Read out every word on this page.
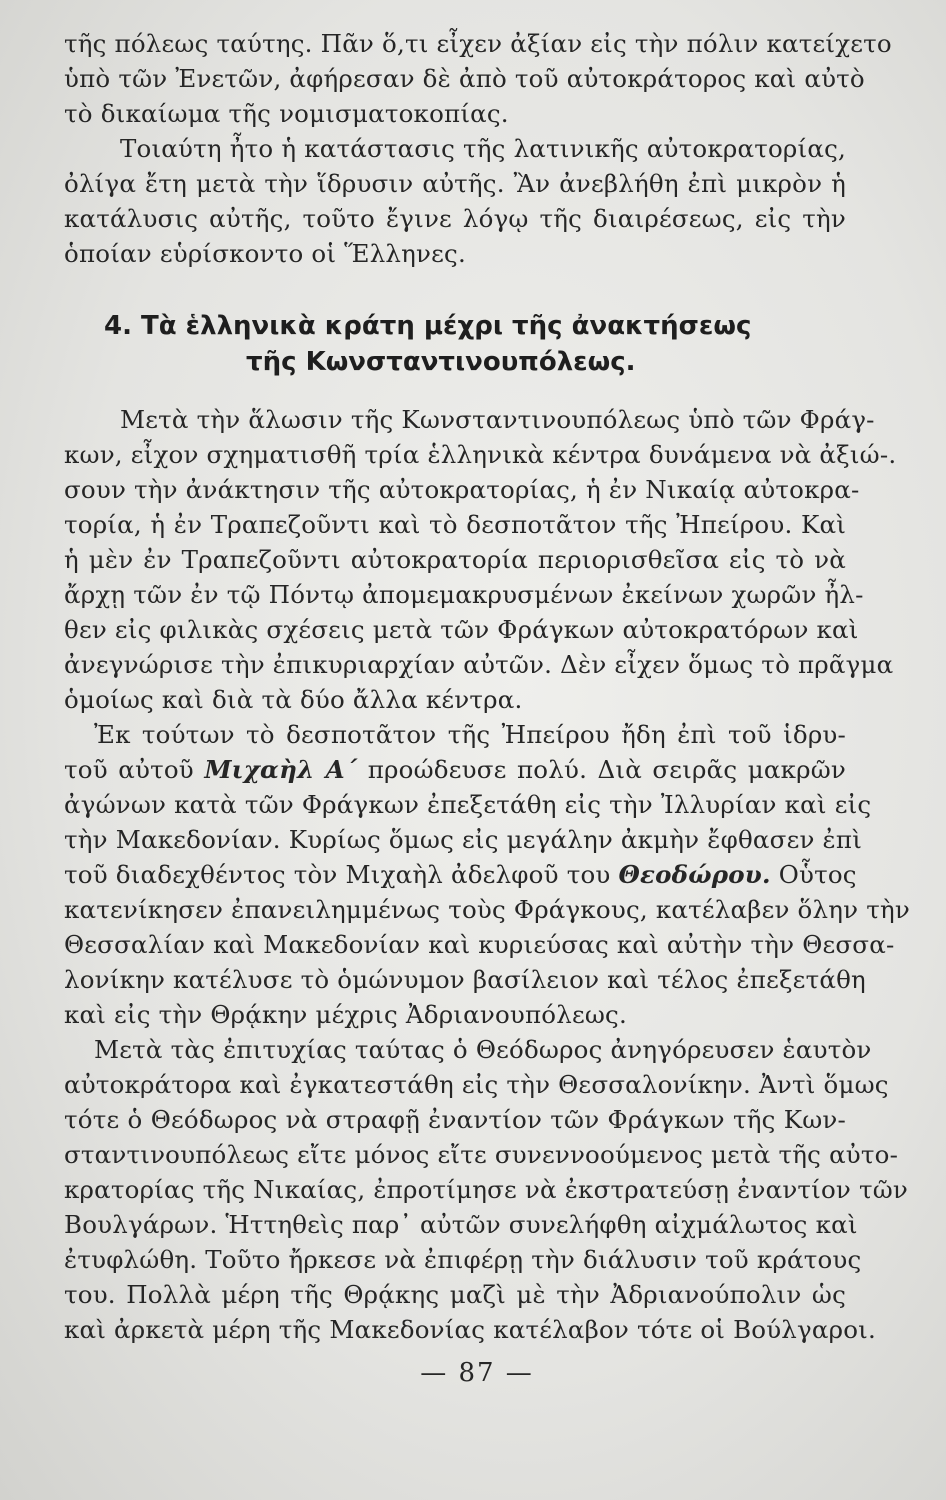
τῆς πόλεως ταύτης. Πᾶν ὅ,τι εἶχεν ἀξίαν εἰς τὴν πόλιν κατείχετο
ὑπὸ τῶν Ἐνετῶν, ἀφήρεσαν δὲ ἀπὸ τοῦ αὐτοκράτορος καὶ αὐτὸ
τὸ δικαίωμα τῆς νομισματοκοπίας.
Τοιαύτη ἦτο ἡ κατάστασις τῆς λατινικῆς αὐτοκρατορίας,
ὀλίγα ἔτη μετὰ τὴν ἵδρυσιν αὐτῆς. Ἂν ἀνεβλήθη ἐπὶ μικρὸν ἡ
κατάλυσις αὐτῆς, τοῦτο ἔγινε λόγῳ τῆς διαιρέσεως, εἰς τὴν
ὁποίαν εὑρίσκοντο οἱ Ἕλληνες.
4. Τὰ ἑλληνικὰ κράτη μέχρι τῆς ἀνακτήσεως
τῆς Κωνσταντινουπόλεως.
Μετὰ τὴν ἅλωσιν τῆς Κωνσταντινουπόλεως ὑπὸ τῶν Φράγ-
κων, εἶχον σχηματισθῆ τρία ἑλληνικὰ κέντρα δυνάμενα νὰ ἀξιώ-.
σουν τὴν ἀνάκτησιν τῆς αὐτοκρατορίας, ἡ ἐν Νικαίᾳ αὐτοκρα-
τορία, ἡ ἐν Τραπεζοῦντι καὶ τὸ δεσποτᾶτον τῆς Ἠπείρου. Καὶ
ἡ μὲν ἐν Τραπεζοῦντι αὐτοκρατορία περιορισθεῖσα εἰς τὸ νὰ
ἄρχῃ τῶν ἐν τῷ Πόντῳ ἀπομεμακρυσμένων ἐκείνων χωρῶν ἦλ-
θεν εἰς φιλικὰς σχέσεις μετὰ τῶν Φράγκων αὐτοκρατόρων καὶ
ἀνεγνώρισε τὴν ἐπικυριαρχίαν αὐτῶν. Δὲν εἶχεν ὅμως τὸ πρᾶγμα
ὁμοίως καὶ διὰ τὰ δύο ἄλλα κέντρα.
Ἐκ τούτων τὸ δεσποτᾶτον τῆς Ἠπείρου ἤδη ἐπὶ τοῦ ἱδρυ-
τοῦ αὐτοῦ Μιχαὴλ Α΄ προώδευσε πολύ. Διὰ σειρᾶς μακρῶν
ἀγώνων κατὰ τῶν Φράγκων ἐπεξετάθη εἰς τὴν Ἰλλυρίαν καὶ εἰς
τὴν Μακεδονίαν. Κυρίως ὅμως εἰς μεγάλην ἀκμὴν ἔφθασεν ἐπὶ
τοῦ διαδεχθέντος τὸν Μιχαὴλ ἀδελφοῦ του Θεοδώρου. Οὗτος
κατενίκησεν ἐπανειλημμένως τοὺς Φράγκους, κατέλαβεν ὅλην τὴν
Θεσσαλίαν καὶ Μακεδονίαν καὶ κυριεύσας καὶ αὐτὴν τὴν Θεσσα-
λονίκην κατέλυσε τὸ ὁμώνυμον βασίλειον καὶ τέλος ἐπεξετάθη
καὶ εἰς τὴν Θρᾴκην μέχρις Ἀδριανουπόλεως.
Μετὰ τὰς ἐπιτυχίας ταύτας ὁ Θεόδωρος ἀνηγόρευσεν ἑαυτὸν
αὐτοκράτορα καὶ ἐγκατεστάθη εἰς τὴν Θεσσαλονίκην. Ἀντὶ ὅμως
τότε ὁ Θεόδωρος νὰ στραφῇ ἐναντίον τῶν Φράγκων τῆς Κων-
σταντινουπόλεως εἴτε μόνος εἴτε συνεννοούμενος μετὰ τῆς αὐτο-
κρατορίας τῆς Νικαίας, ἐπροτίμησε νὰ ἐκστρατεύσῃ ἐναντίον τῶν
Βουλγάρων. Ἡττηθεὶς παρ᾿ αὐτῶν συνελήφθη αἰχμάλωτος καὶ
ἐτυφλώθη. Τοῦτο ἤρκεσε νὰ ἐπιφέρῃ τὴν διάλυσιν τοῦ κράτους
του. Πολλὰ μέρη τῆς Θρᾴκης μαζὶ μὲ τὴν Ἀδριανούπολιν ὡς
καὶ ἀρκετὰ μέρη τῆς Μακεδονίας κατέλαβον τότε οἱ Βούλγαροι.
— 87 —
